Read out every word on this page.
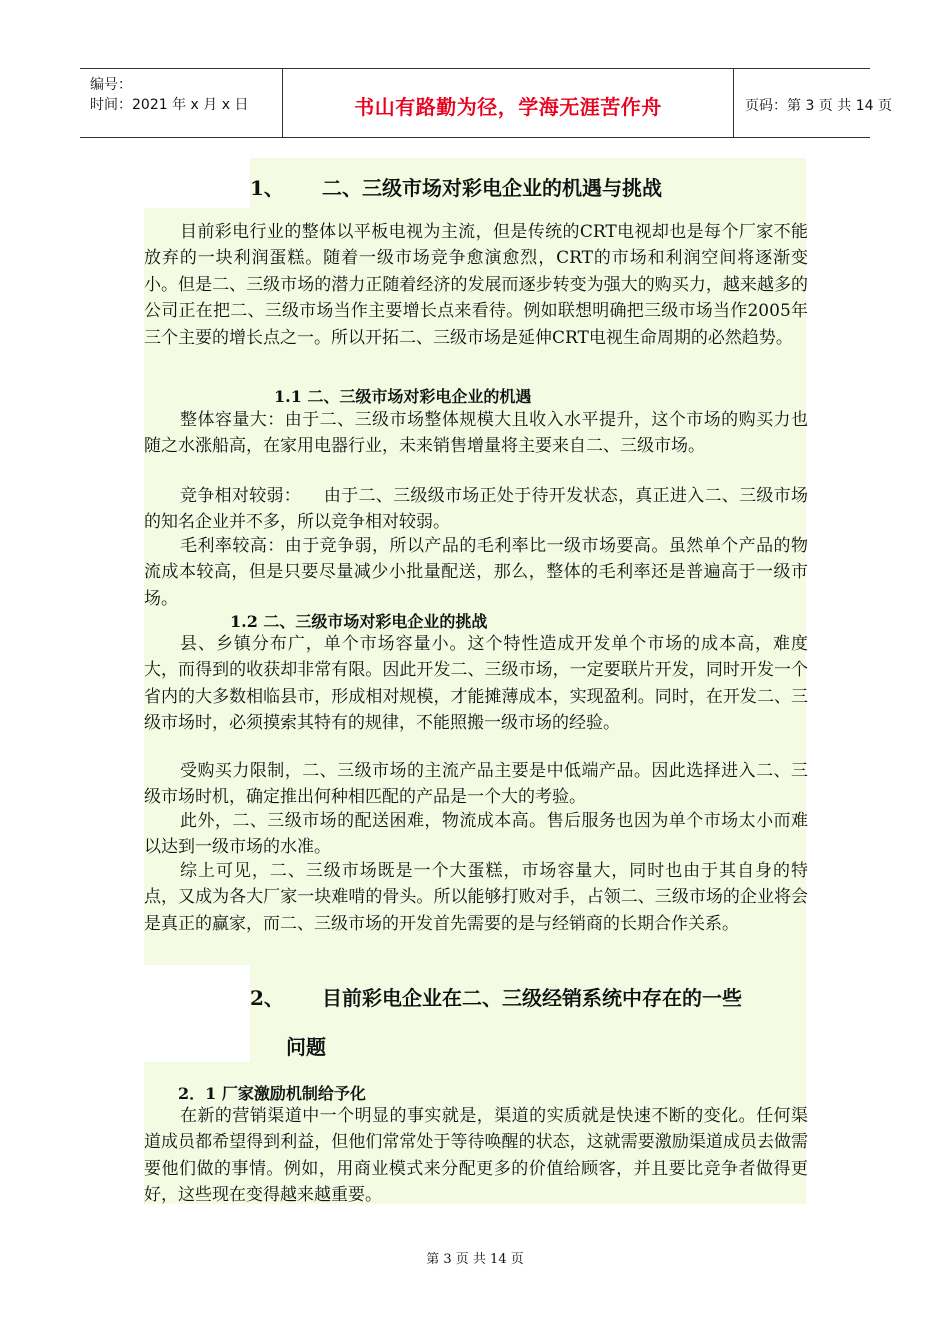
编号：
时间：2021 年 x 月 x 日	书山有路勤为径，学海无涯苦作舟	页码：第 3 页 共 14 页
1、 二、三级市场对彩电企业的机遇与挑战

目前彩电行业的整体以平板电视为主流，但是传统的CRT电视却也是每个厂家不能放弃的一块利润蛋糕。随着一级市场竞争愈演愈烈，CRT的市场和利润空间将逐渐变小。但是二、三级市场的潜力正随着经济的发展而逐步转变为强大的购买力，越来越多的公司正在把二、三级市场当作主要增长点来看待。例如联想明确把三级市场当作2005年三个主要的增长点之一。所以开拓二、三级市场是延伸CRT电视生命周期的必然趋势。

1.1 二、三级市场对彩电企业的机遇

整体容量大：由于二、三级市场整体规模大且收入水平提升，这个市场的购买力也随之水涨船高，在家用电器行业，未来销售增量将主要来自二、三级市场。

竞争相对较弱：    由于二、三级级市场正处于待开发状态，真正进入二、三级市场的知名企业并不多，所以竞争相对较弱。

毛利率较高：由于竞争弱，所以产品的毛利率比一级市场要高。虽然单个产品的物流成本较高，但是只要尽量减少小批量配送，那么，整体的毛利率还是普遍高于一级市场。

1.2 二、三级市场对彩电企业的挑战

县、乡镇分布广，单个市场容量小。这个特性造成开发单个市场的成本高，难度大，而得到的收获却非常有限。因此开发二、三级市场，一定要联片开发，同时开发一个省内的大多数相临县市，形成相对规模，才能摊薄成本，实现盈利。同时，在开发二、三级市场时，必须摸索其特有的规律，不能照搬一级市场的经验。

受购买力限制，二、三级市场的主流产品主要是中低端产品。因此选择进入二、三级市场时机，确定推出何种相匹配的产品是一个大的考验。

此外，二、三级市场的配送困难，物流成本高。售后服务也因为单个市场太小而难以达到一级市场的水准。

综上可见，二、三级市场既是一个大蛋糕，市场容量大，同时也由于其自身的特点，又成为各大厂家一块难啃的骨头。所以能够打败对手，占领二、三级市场的企业将会是真正的赢家，而二、三级市场的开发首先需要的是与经销商的长期合作关系。

2、 目前彩电企业在二、三级经销系统中存在的一些
问题
2．1 厂家激励机制给予化

在新的营销渠道中一个明显的事实就是，渠道的实质就是快速不断的变化。任何渠道成员都希望得到利益，但他们常常处于等待唤醒的状态，这就需要激励渠道成员去做需要他们做的事情。例如，用商业模式来分配更多的价值给顾客，并且要比竞争者做得更好，这些现在变得越来越重要。

第 3 页 共 14 页
